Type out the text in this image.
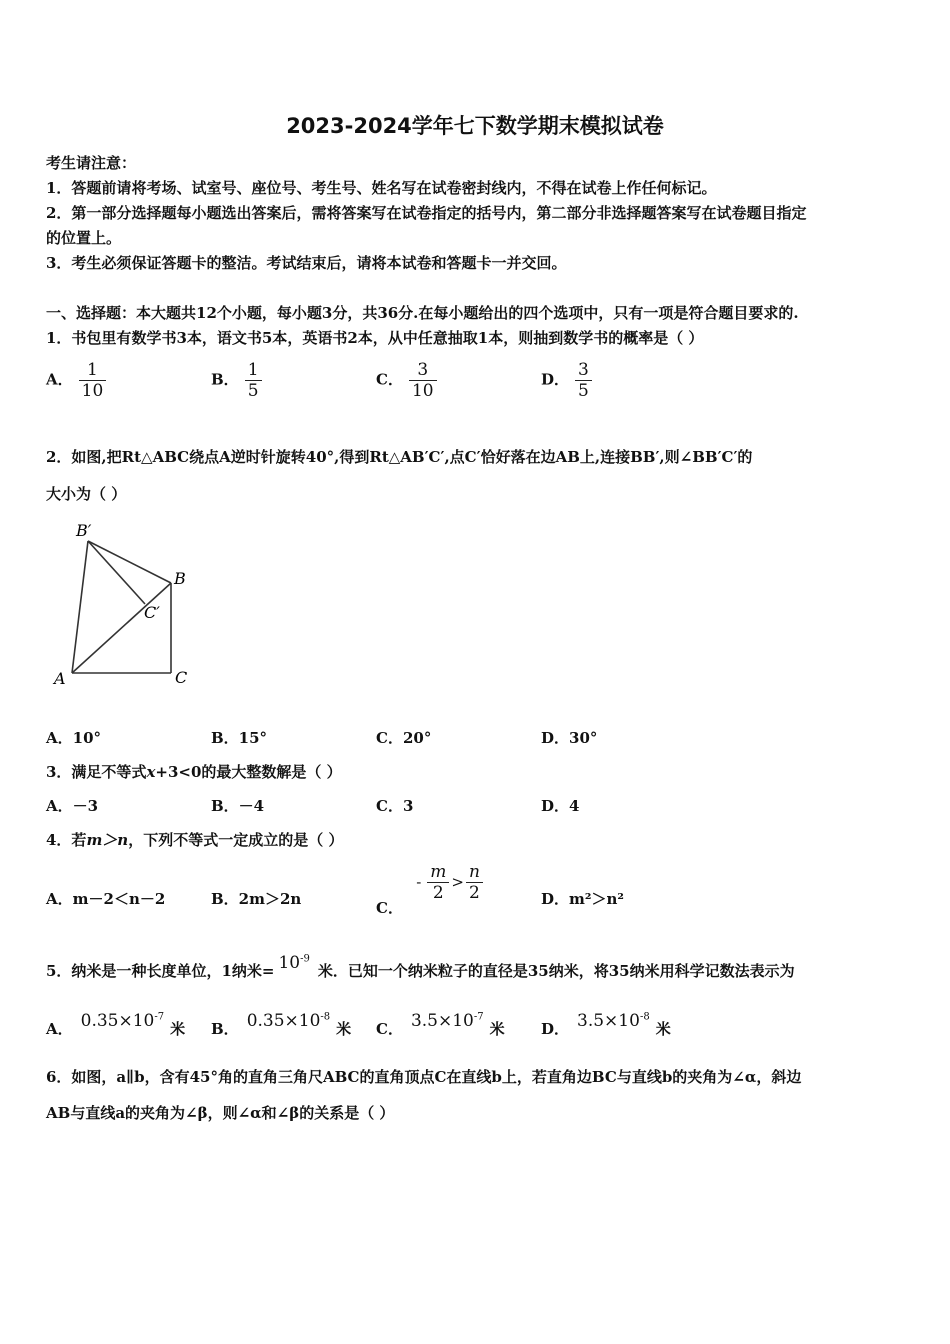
2023-2024学年七下数学期末模拟试卷
考生请注意：
1．答题前请将考场、试室号、座位号、考生号、姓名写在试卷密封线内，不得在试卷上作任何标记。
2．第一部分选择题每小题选出答案后，需将答案写在试卷指定的括号内，第二部分非选择题答案写在试卷题目指定
的位置上。
3．考生必须保证答题卡的整洁。考试结束后，请将本试卷和答题卡一并交回。
一、选择题：本大题共12个小题，每小题3分，共36分.在每小题给出的四个选项中，只有一项是符合题目要求的.
1．书包里有数学书3本，语文书5本，英语书2本，从中任意抽取1本，则抽到数学书的概率是（ ）
A． $\frac{1}{10}$	B． $\frac{1}{5}$	C． $\frac{3}{10}$	D． $\frac{3}{5}$
2．如图,把Rt△ABC绕点A逆时针旋转40°,得到Rt△AB′C′,点C′恰好落在边AB上,连接BB′,则∠BB′C′的
大小为（ ）
B′
B
C′
A	C
A．10°	B．15°	C．20°	D．30°
3．满足不等式x+3<0的最大整数解是（ ）
A．－3	B．－4	C．3	D．4
4．若m＞n，下列不等式一定成立的是（ ）
A．m－2＜n－2	B．2m＞2n	C． - $\frac{m}{2} > \frac{n}{2}$	D．m²＞n²
5．纳米是一种长度单位，1纳米= $10^{-9}$米．已知一个纳米粒子的直径是35纳米，将35纳米用科学记数法表示为
A． $0.35\times 10^{-7}$米 B． $0.35\times 10^{-8}$米 C． $3.5\times 10^{-7}$米 D． $3.5\times 10^{-8}$米
6．如图，a∥b，含有45°角的直角三角尺ABC的直角顶点C在直线b上，若直角边BC与直线b的夹角为∠α，斜边
AB与直线a的夹角为∠β，则∠α和∠β的关系是（ ）
